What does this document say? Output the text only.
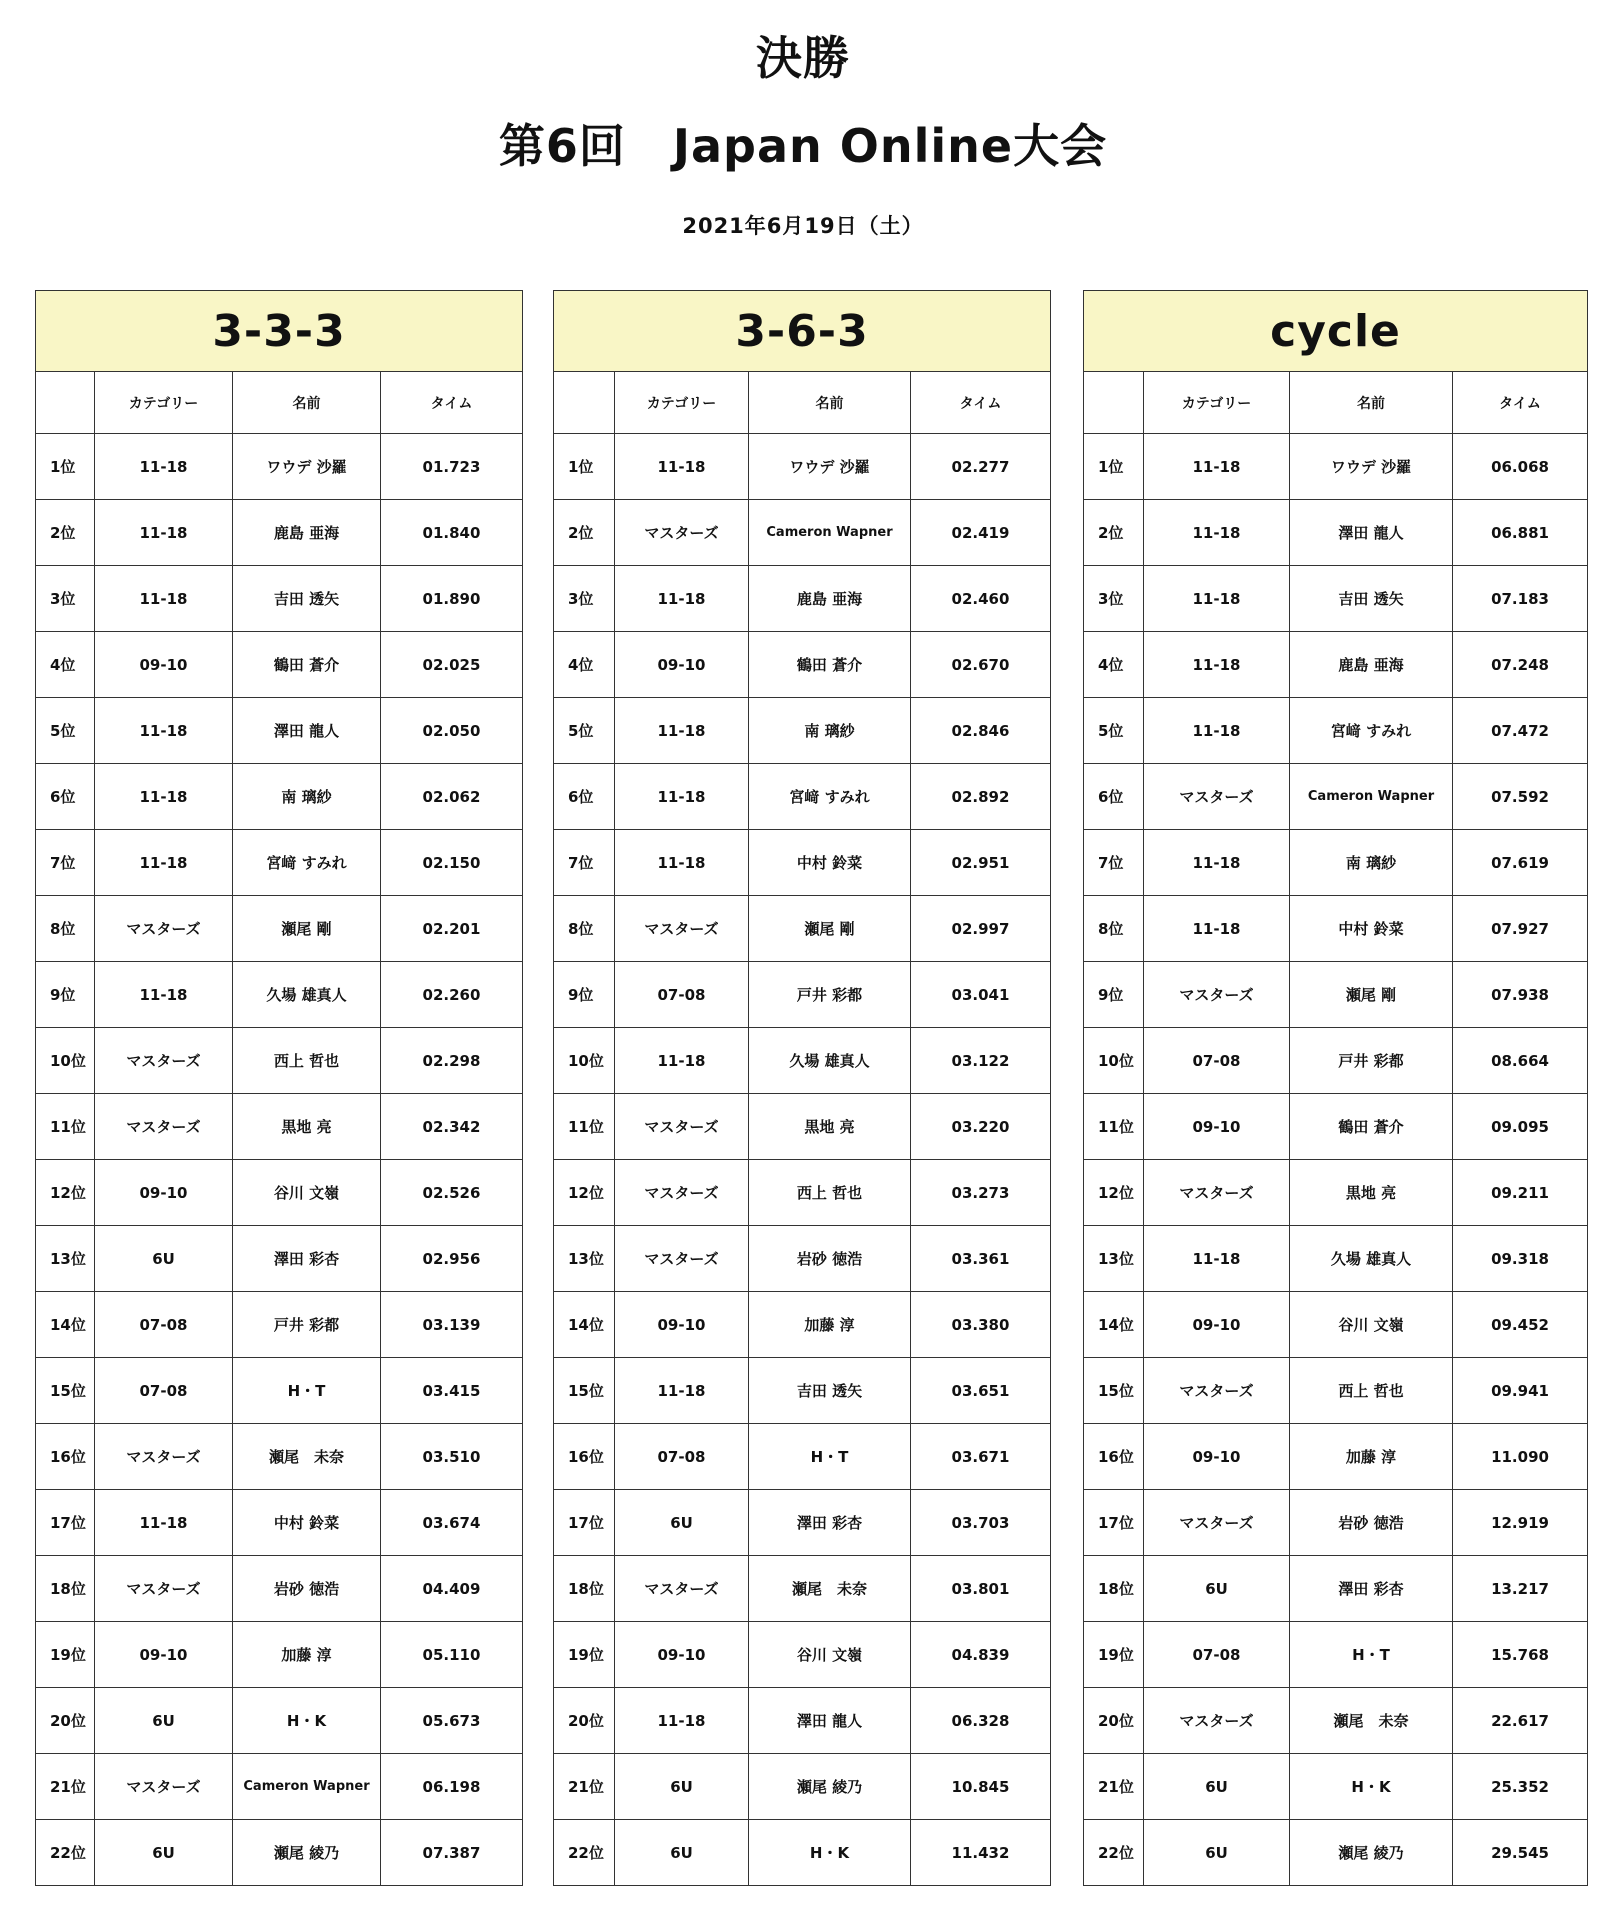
決勝
第6回　Japan Online大会
2021年6月19日（土）
3-3-3			
	カテゴリー	名前	タイム
1位	11-18	ワウデ 沙羅	01.723
2位	11-18	鹿島 亜海	01.840
3位	11-18	吉田 透矢	01.890
4位	09-10	鶴田 蒼介	02.025
5位	11-18	澤田 龍人	02.050
6位	11-18	南 璃紗	02.062
7位	11-18	宮﨑 すみれ	02.150
8位	マスターズ	瀬尾 剛	02.201
9位	11-18	久場 雄真人	02.260
10位	マスターズ	西上 哲也	02.298
11位	マスターズ	黒地 亮	02.342
12位	09-10	谷川 文嶺	02.526
13位	6U	澤田 彩杏	02.956
14位	07-08	戸井 彩都	03.139
15位	07-08	H・T	03.415
16位	マスターズ	瀬尾　未奈	03.510
17位	11-18	中村 鈴菜	03.674
18位	マスターズ	岩砂 徳浩	04.409
19位	09-10	加藤 淳	05.110
20位	6U	H・K	05.673
21位	マスターズ	Cameron Wapner	06.198
22位	6U	瀬尾 綾乃	07.387
3-6-3			
	カテゴリー	名前	タイム
1位	11-18	ワウデ 沙羅	02.277
2位	マスターズ	Cameron Wapner	02.419
3位	11-18	鹿島 亜海	02.460
4位	09-10	鶴田 蒼介	02.670
5位	11-18	南 璃紗	02.846
6位	11-18	宮﨑 すみれ	02.892
7位	11-18	中村 鈴菜	02.951
8位	マスターズ	瀬尾 剛	02.997
9位	07-08	戸井 彩都	03.041
10位	11-18	久場 雄真人	03.122
11位	マスターズ	黒地 亮	03.220
12位	マスターズ	西上 哲也	03.273
13位	マスターズ	岩砂 徳浩	03.361
14位	09-10	加藤 淳	03.380
15位	11-18	吉田 透矢	03.651
16位	07-08	H・T	03.671
17位	6U	澤田 彩杏	03.703
18位	マスターズ	瀬尾　未奈	03.801
19位	09-10	谷川 文嶺	04.839
20位	11-18	澤田 龍人	06.328
21位	6U	瀬尾 綾乃	10.845
22位	6U	H・K	11.432
cycle			
	カテゴリー	名前	タイム
1位	11-18	ワウデ 沙羅	06.068
2位	11-18	澤田 龍人	06.881
3位	11-18	吉田 透矢	07.183
4位	11-18	鹿島 亜海	07.248
5位	11-18	宮﨑 すみれ	07.472
6位	マスターズ	Cameron Wapner	07.592
7位	11-18	南 璃紗	07.619
8位	11-18	中村 鈴菜	07.927
9位	マスターズ	瀬尾 剛	07.938
10位	07-08	戸井 彩都	08.664
11位	09-10	鶴田 蒼介	09.095
12位	マスターズ	黒地 亮	09.211
13位	11-18	久場 雄真人	09.318
14位	09-10	谷川 文嶺	09.452
15位	マスターズ	西上 哲也	09.941
16位	09-10	加藤 淳	11.090
17位	マスターズ	岩砂 徳浩	12.919
18位	6U	澤田 彩杏	13.217
19位	07-08	H・T	15.768
20位	マスターズ	瀬尾　未奈	22.617
21位	6U	H・K	25.352
22位	6U	瀬尾 綾乃	29.545
